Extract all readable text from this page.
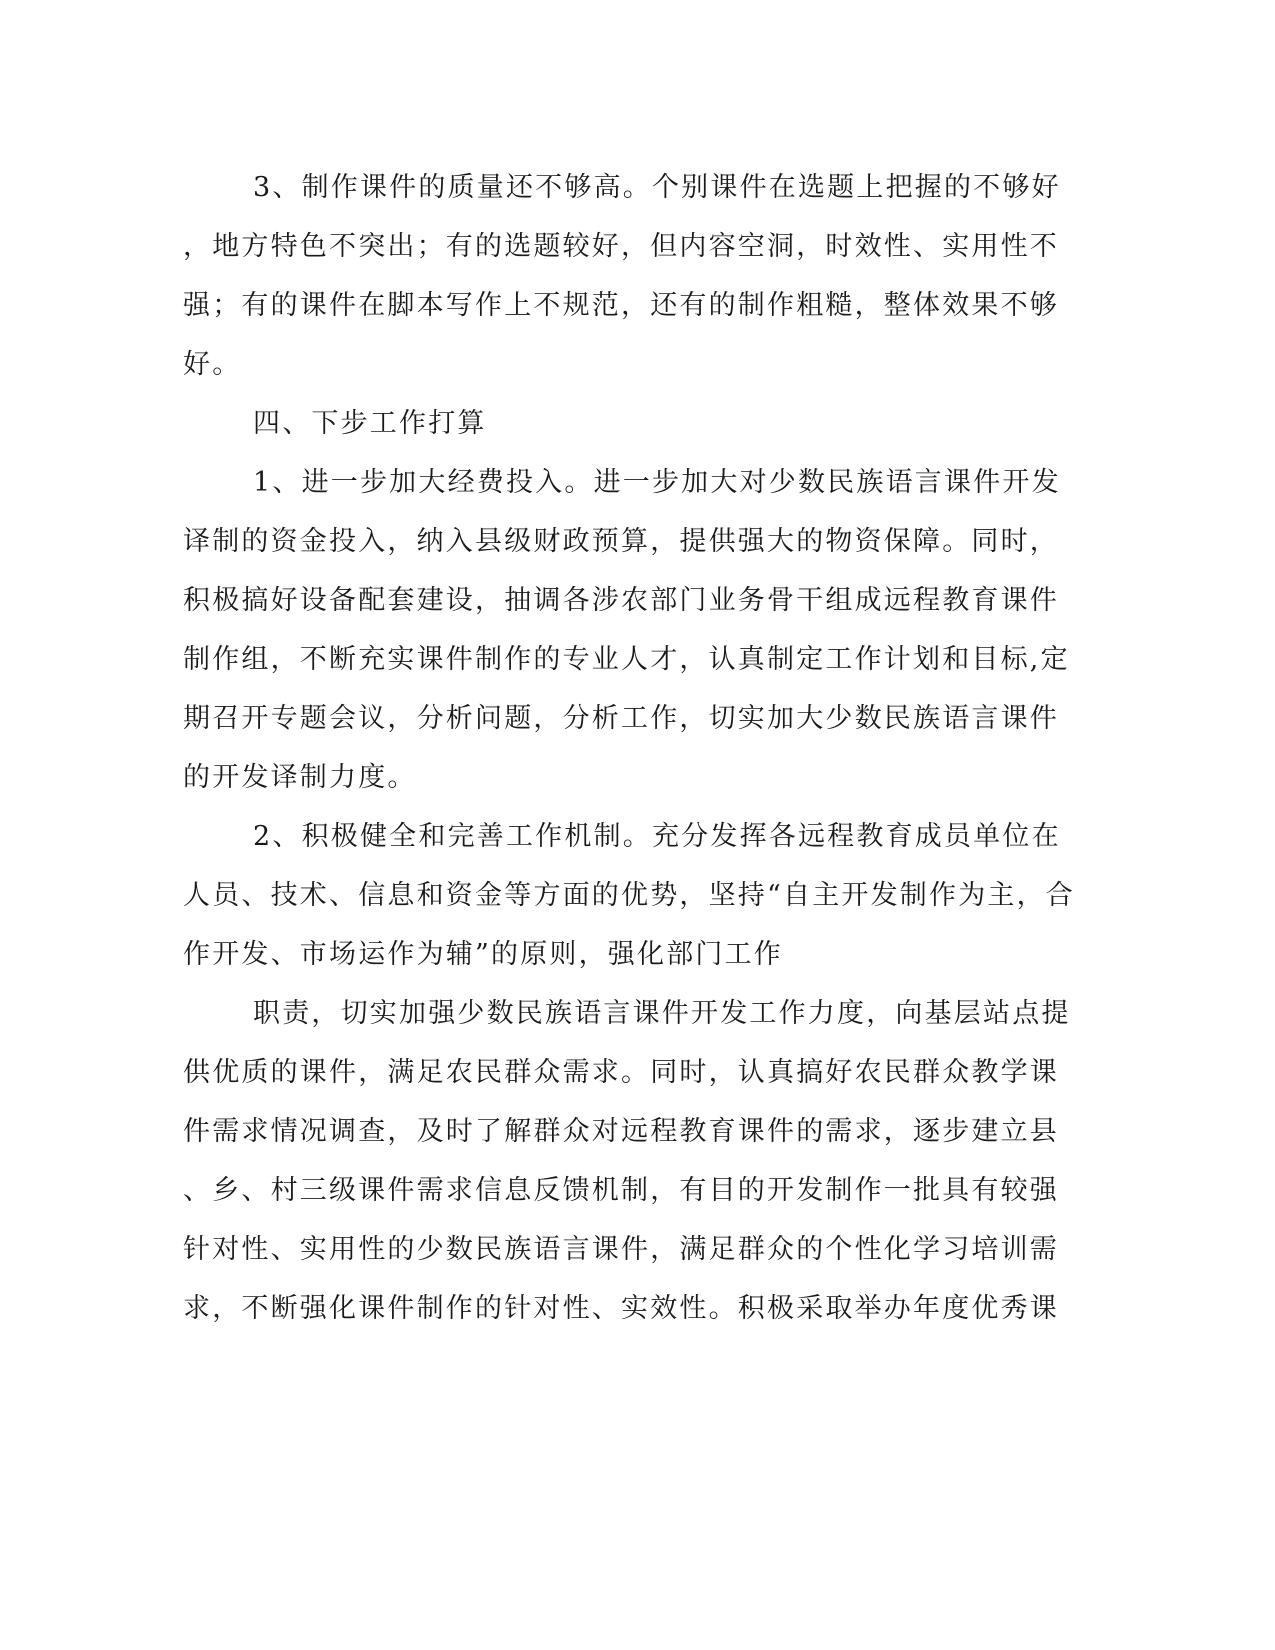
3、制作课件的质量还不够高。个别课件在选题上把握的不够好
，地方特色不突出；有的选题较好，但内容空洞，时效性、实用性不
强；有的课件在脚本写作上不规范，还有的制作粗糙，整体效果不够
好。
四、下步工作打算
1、进一步加大经费投入。进一步加大对少数民族语言课件开发
译制的资金投入，纳入县级财政预算，提供强大的物资保障。同时，
积极搞好设备配套建设，抽调各涉农部门业务骨干组成远程教育课件
制作组，不断充实课件制作的专业人才，认真制定工作计划和目标,定
期召开专题会议，分析问题，分析工作，切实加大少数民族语言课件
的开发译制力度。
2、积极健全和完善工作机制。充分发挥各远程教育成员单位在
人员、技术、信息和资金等方面的优势，坚持“自主开发制作为主，合
作开发、市场运作为辅”的原则，强化部门工作
职责，切实加强少数民族语言课件开发工作力度，向基层站点提
供优质的课件，满足农民群众需求。同时，认真搞好农民群众教学课
件需求情况调查，及时了解群众对远程教育课件的需求，逐步建立县
、乡、村三级课件需求信息反馈机制，有目的开发制作一批具有较强
针对性、实用性的少数民族语言课件，满足群众的个性化学习培训需
求，不断强化课件制作的针对性、实效性。积极采取举办年度优秀课
